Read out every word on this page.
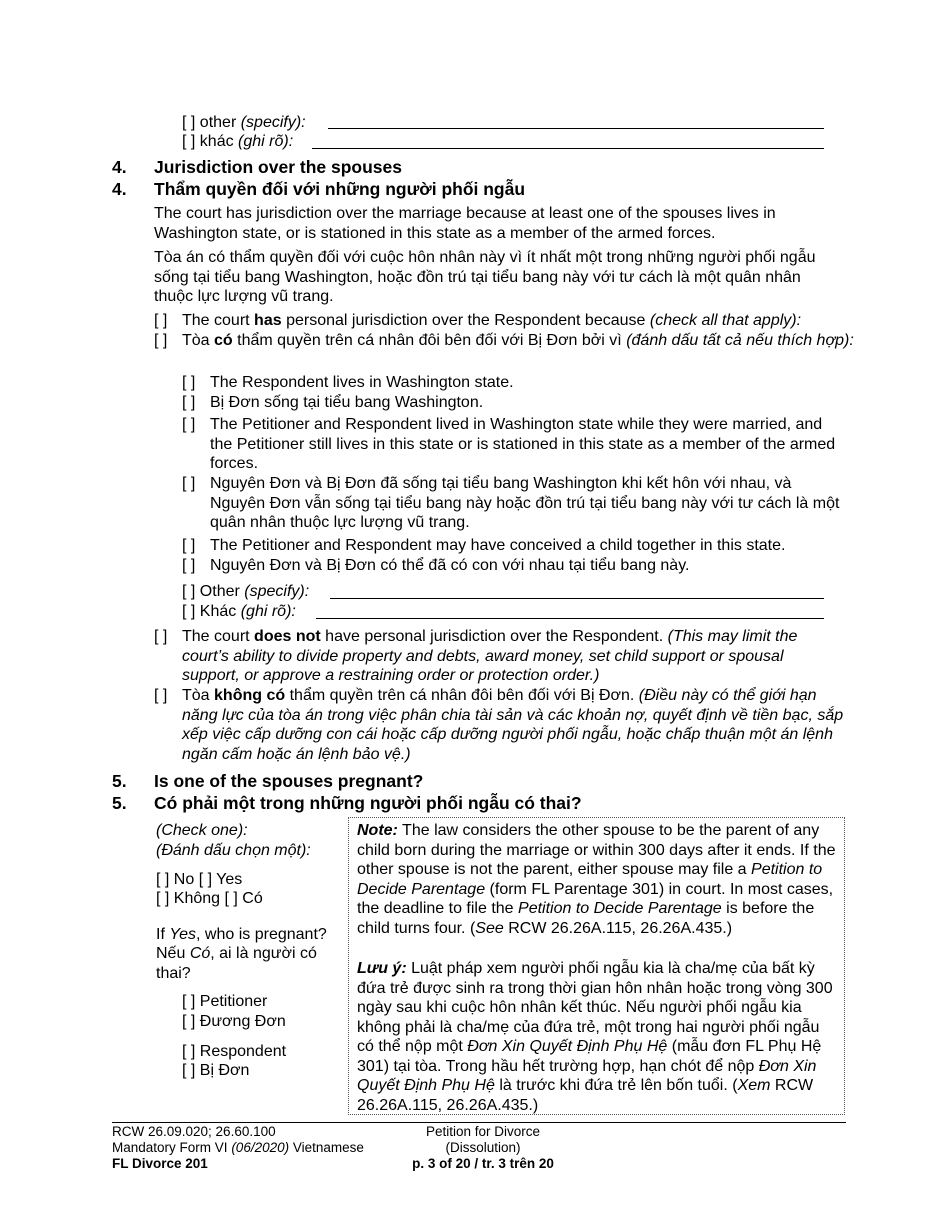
[ ] other (specify):
[ ] khác (ghi rõ):
4. Jurisdiction over the spouses
4. Thẩm quyền đối với những người phối ngẫu
The court has jurisdiction over the marriage because at least one of the spouses lives in Washington state, or is stationed in this state as a member of the armed forces.
Tòa án có thẩm quyền đối với cuộc hôn nhân này vì ít nhất một trong những người phối ngẫu sống tại tiểu bang Washington, hoặc đồn trú tại tiểu bang này với tư cách là một quân nhân thuộc lực lượng vũ trang.
[ ] The court has personal jurisdiction over the Respondent because (check all that apply):
[ ] Tòa có thẩm quyền trên cá nhân đôi bên đối với Bị Đơn bởi vì (đánh dấu tất cả nếu thích hợp):
[ ] The Respondent lives in Washington state.
[ ] Bị Đơn sống tại tiểu bang Washington.
[ ] The Petitioner and Respondent lived in Washington state while they were married, and the Petitioner still lives in this state or is stationed in this state as a member of the armed forces.
[ ] Nguyên Đơn và Bị Đơn đã sống tại tiểu bang Washington khi kết hôn với nhau, và Nguyên Đơn vẫn sống tại tiểu bang này hoặc đồn trú tại tiểu bang này với tư cách là một quân nhân thuộc lực lượng vũ trang.
[ ] The Petitioner and Respondent may have conceived a child together in this state.
[ ] Nguyên Đơn và Bị Đơn có thể đã có con với nhau tại tiểu bang này.
[ ] Other (specify):
[ ] Khác (ghi rõ):
[ ] The court does not have personal jurisdiction over the Respondent. (This may limit the court’s ability to divide property and debts, award money, set child support or spousal support, or approve a restraining order or protection order.)
[ ] Tòa không có thẩm quyền trên cá nhân đôi bên đối với Bị Đơn. (Điều này có thể giới hạn năng lực của tòa án trong việc phân chia tài sản và các khoản nợ, quyết định về tiền bạc, sắp xếp việc cấp dưỡng con cái hoặc cấp dưỡng người phối ngẫu, hoặc chấp thuận một án lệnh ngăn cấm hoặc án lệnh bảo vệ.)
5. Is one of the spouses pregnant?
5. Có phải một trong những người phối ngẫu có thai?
(Check one):
(Đánh dấu chọn một):
[ ] No [ ] Yes
[ ] Không [ ] Có
If Yes, who is pregnant?
Nếu Có, ai là người có thai?
[ ] Petitioner
[ ] Đương Đơn
[ ] Respondent
[ ] Bị Đơn
Note: The law considers the other spouse to be the parent of any child born during the marriage or within 300 days after it ends. If the other spouse is not the parent, either spouse may file a Petition to Decide Parentage (form FL Parentage 301) in court. In most cases, the deadline to file the Petition to Decide Parentage is before the child turns four. (See RCW 26.26A.115, 26.26A.435.)
Lưu ý: Luật pháp xem người phối ngẫu kia là cha/mẹ của bất kỳ đứa trẻ được sinh ra trong thời gian hôn nhân hoặc trong vòng 300 ngày sau khi cuộc hôn nhân kết thúc. Nếu người phối ngẫu kia không phải là cha/mẹ của đứa trẻ, một trong hai người phối ngẫu có thể nộp một Đơn Xin Quyết Định Phụ Hệ (mẫu đơn FL Phụ Hệ 301) tại tòa. Trong hầu hết trường hợp, hạn chót để nộp Đơn Xin Quyết Định Phụ Hệ là trước khi đứa trẻ lên bốn tuổi. (Xem RCW 26.26A.115, 26.26A.435.)
RCW 26.09.020; 26.60.100
Mandatory Form VI (06/2020) Vietnamese
FL Divorce 201
Petition for Divorce
(Dissolution)
p. 3 of 20 / tr. 3 trên 20
